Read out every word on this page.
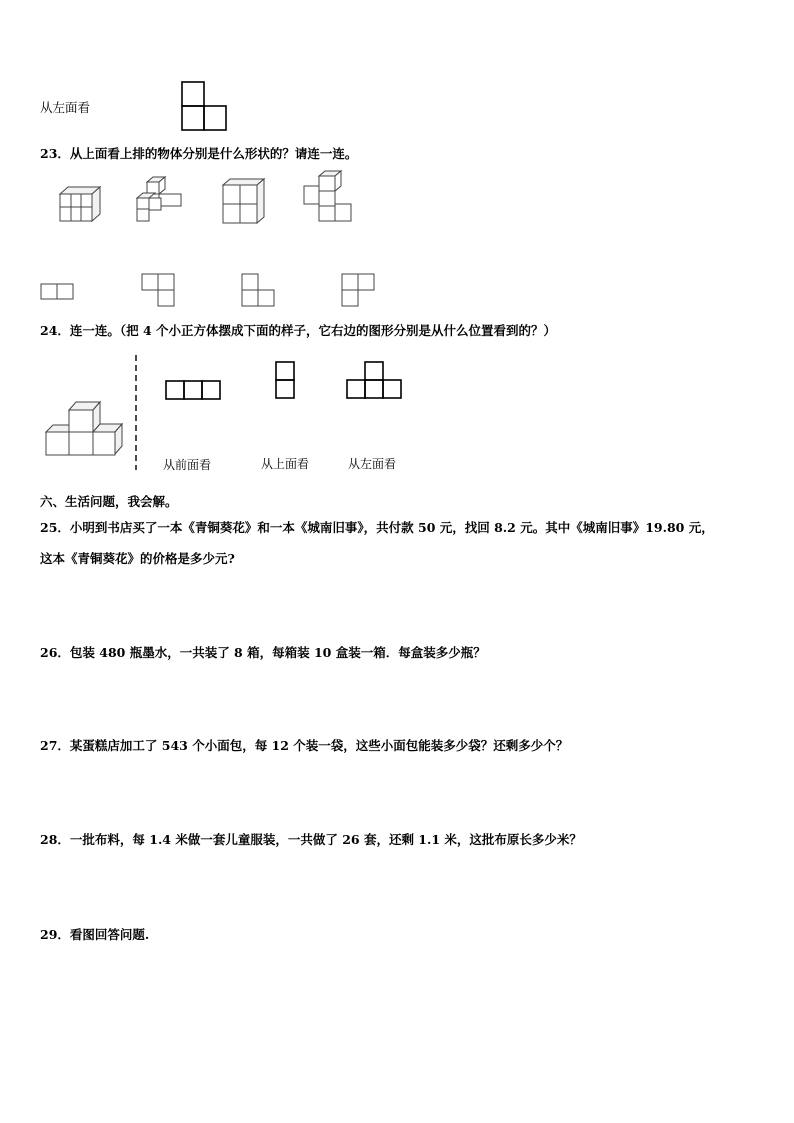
从左面看
23．从上面看上排的物体分别是什么形状的？请连一连。
24．连一连。（把 4 个小正方体摆成下面的样子，它右边的图形分别是从什么位置看到的？）
从前面看	从上面看	从左面看
六、生活问题，我会解。
25．小明到书店买了一本《青铜葵花》和一本《城南旧事》，共付款 50 元，找回 8.2 元。其中《城南旧事》19.80 元，
这本《青铜葵花》的价格是多少元?
26．包装 480 瓶墨水，一共装了 8 箱，每箱装 10 盒装一箱．每盒装多少瓶？
27．某蛋糕店加工了 543 个小面包，每 12 个装一袋，这些小面包能装多少袋？还剩多少个？
28．一批布料，每 1.4 米做一套儿童服装，一共做了 26 套，还剩 1.1 米，这批布原长多少米？
29．看图回答问题.
